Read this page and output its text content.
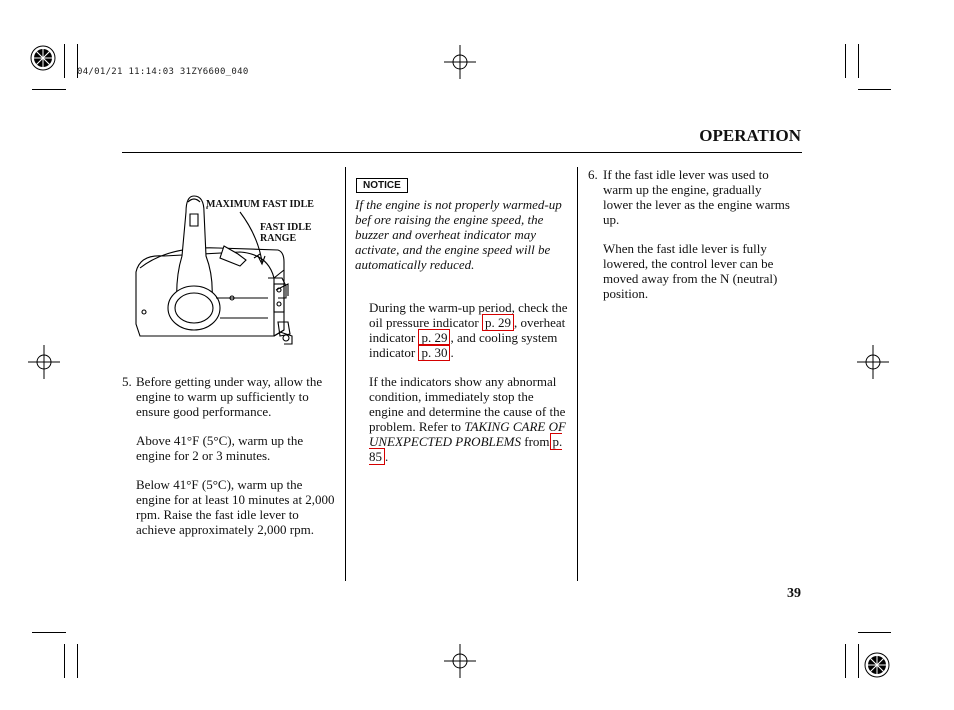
04/01/21 11:14:03 31ZY6600_040
OPERATION
MAXIMUM FAST IDLE
FAST IDLE
RANGE
5. Before getting under way, allow the engine to warm up sufficiently to ensure good performance.
Above 41°F (5°C), warm up the engine for 2 or 3 minutes.
Below 41°F (5°C), warm up the engine for at least 10 minutes at 2,000 rpm. Raise the fast idle lever to achieve approximately 2,000 rpm.
NOTICE
If the engine is not properly warmed-up bef ore raising the engine speed, the buzzer and overheat indicator may activate, and the engine speed will be automatically reduced.
During the warm-up period, check the oil pressure indicator p. 29 , overheat indicator p. 29 , and cooling system indicator p. 30 .
If the indicators show any abnormal condition, immediately stop the engine and determine the cause of the problem. Refer to TAKING CARE OF UNEXPECTED PROBLEMS from p. 85 .
6. If the fast idle lever was used to warm up the engine, gradually lower the lever as the engine warms up.
When the fast idle lever is fully lowered, the control lever can be moved away from the N (neutral) position.
39
